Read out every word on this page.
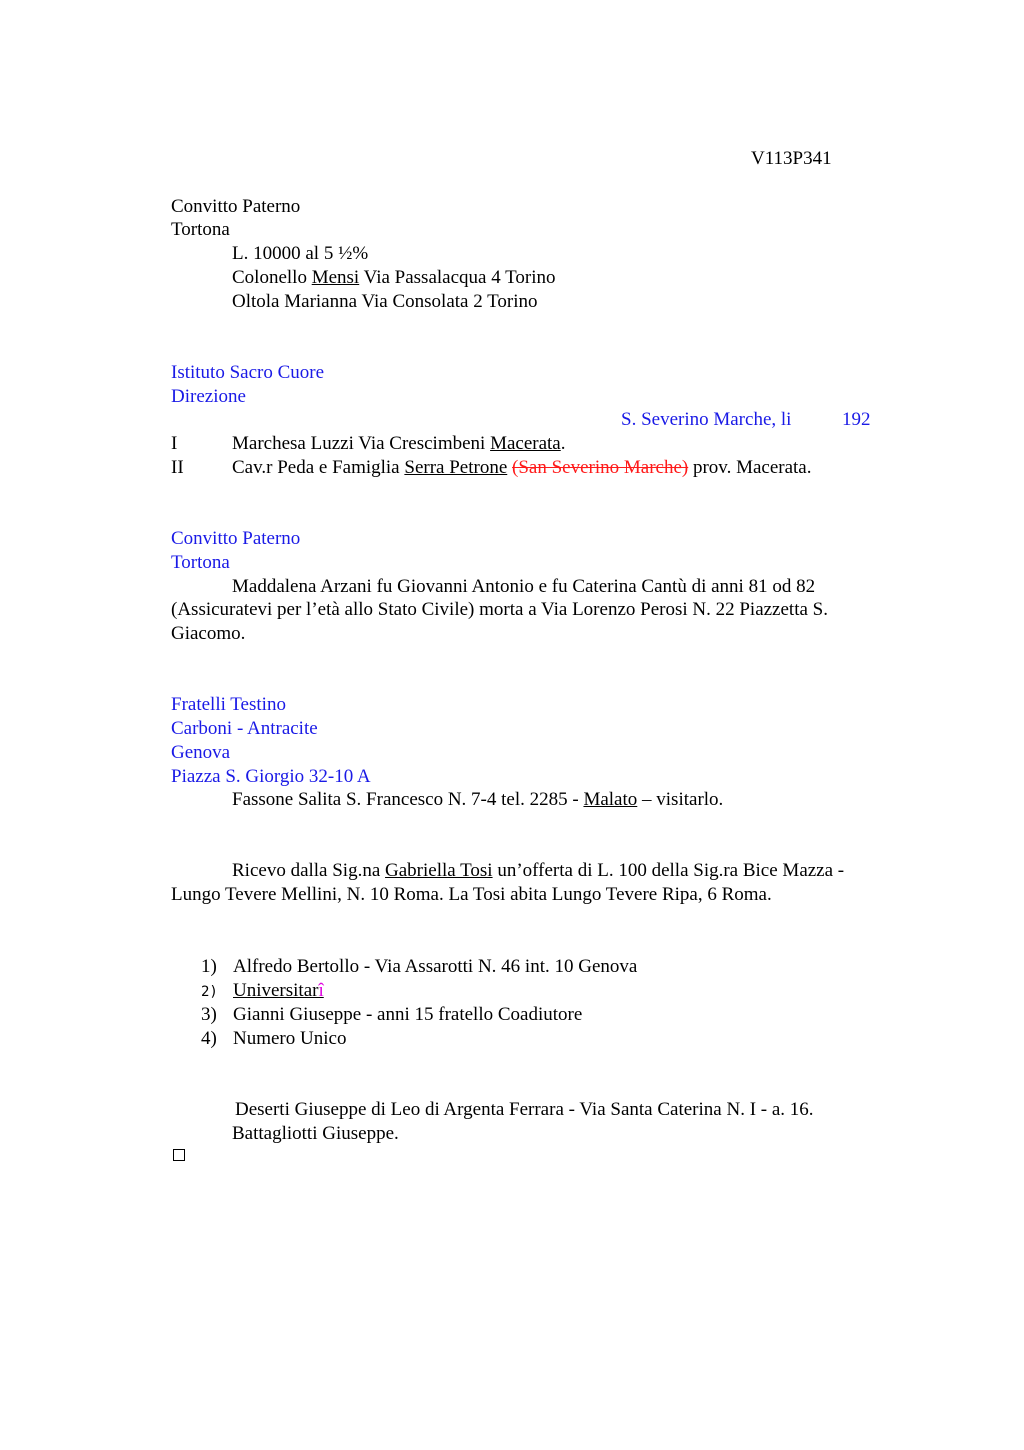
V113P341
Convitto Paterno
Tortona
L. 10000 al 5 ½%
Colonello Mensi Via Passalacqua 4 Torino
Oltola Marianna Via Consolata 2 Torino
Istituto Sacro Cuore
Direzione
S. Severino Marche, li	192
I	Marchesa Luzzi Via Crescimbeni Macerata.
II	Cav.r Peda e Famiglia Serra Petrone (San Severino Marche) prov. Macerata.
Convitto Paterno
Tortona
Maddalena Arzani fu Giovanni Antonio e fu Caterina Cantù di anni 81 od 82
(Assicuratevi per l’età allo Stato Civile) morta a Via Lorenzo Perosi N. 22 Piazzetta S.
Giacomo.
Fratelli Testino
Carboni - Antracite
Genova
Piazza S. Giorgio 32-10 A
Fassone Salita S. Francesco N. 7-4 tel. 2285 - Malato – visitarlo.
Ricevo dalla Sig.na Gabriella Tosi un’offerta di L. 100 della Sig.ra Bice Mazza -
Lungo Tevere Mellini, N. 10 Roma. La Tosi abita Lungo Tevere Ripa, 6 Roma.
1) Alfredo Bertollo - Via Assarotti N. 46 int. 10 Genova
2) Universitarî
3) Gianni Giuseppe - anni 15 fratello Coadiutore
4) Numero Unico
Deserti Giuseppe di Leo di Argenta Ferrara - Via Santa Caterina N. I - a. 16.
Battagliotti Giuseppe.
